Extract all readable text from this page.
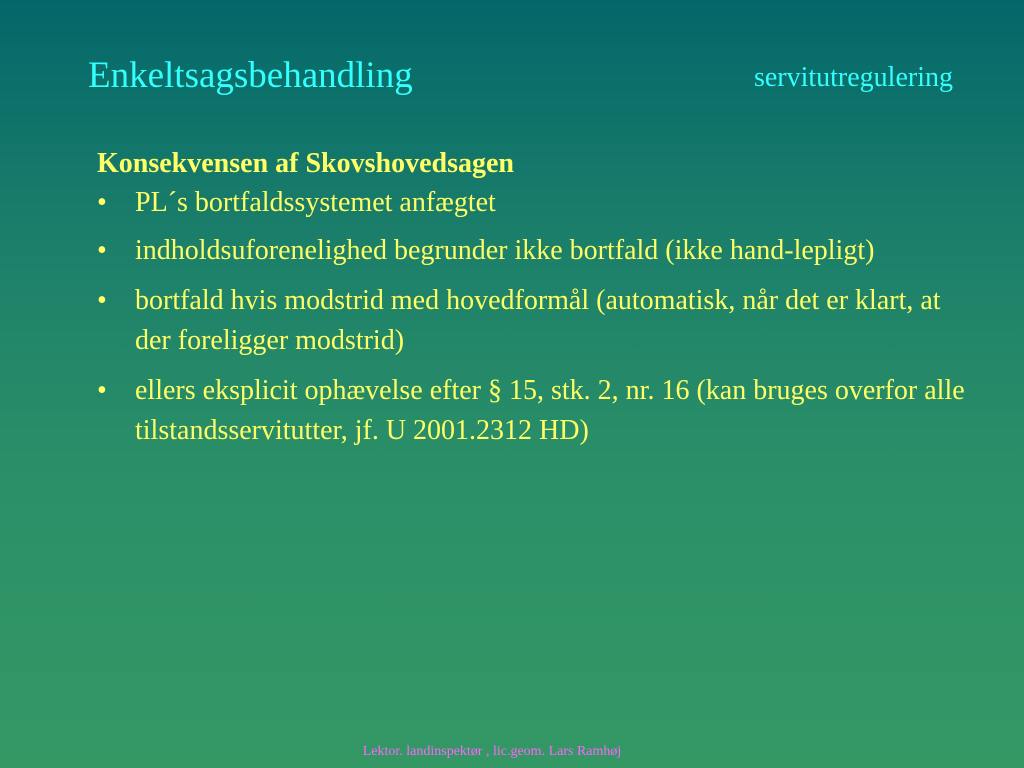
Enkeltsagsbehandling	servitutregulering
Konsekvensen af Skovshovedsagen
• PL´s bortfaldssystemet anfægtet
• indholdsuforenelighed begrunder ikke bortfald (ikke hand-lepligt)
• bortfald hvis modstrid med hovedformål (automatisk, når det er klart, at der foreligger modstrid)
• ellers eksplicit ophævelse efter § 15, stk. 2, nr. 16 (kan bruges overfor alle tilstandsservitutter, jf. U 2001.2312 HD)
Lektor. landinspektør , lic.geom. Lars Ramhøj
